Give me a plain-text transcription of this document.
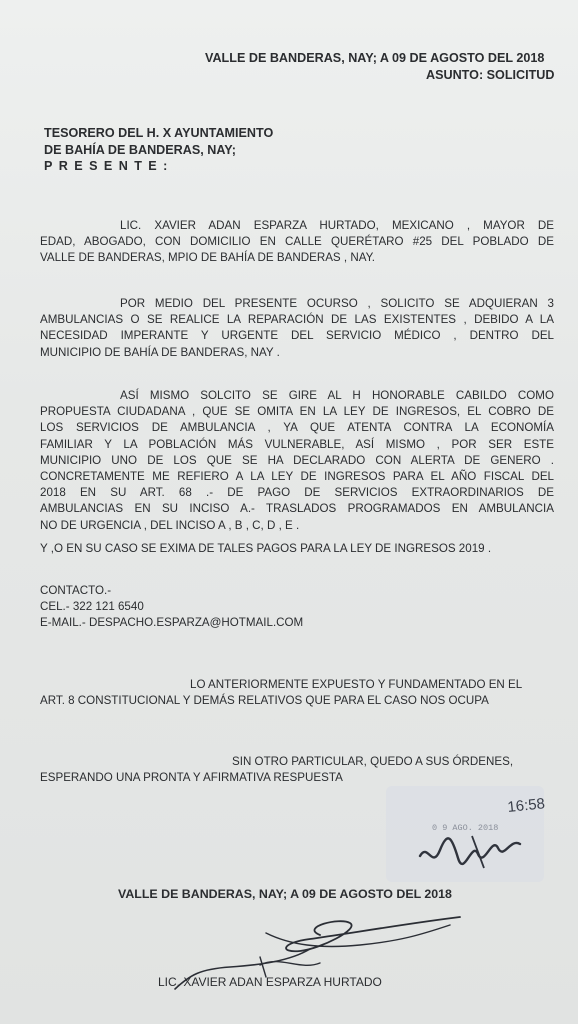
VALLE DE BANDERAS, NAY; A 09 DE AGOSTO DEL 2018
ASUNTO: SOLICITUD
TESORERO DEL H. X AYUNTAMIENTO
DE BAHÍA DE BANDERAS, NAY;
PRESENTE:
LIC. XAVIER ADAN ESPARZA HURTADO, MEXICANO , MAYOR DE
EDAD, ABOGADO, CON DOMICILIO EN CALLE QUERÉTARO #25 DEL POBLADO DE
VALLE DE BANDERAS, MPIO DE BAHÍA DE BANDERAS , NAY.
POR MEDIO DEL PRESENTE OCURSO , SOLICITO SE ADQUIERAN 3
AMBULANCIAS O SE REALICE LA REPARACIÓN DE LAS EXISTENTES , DEBIDO A LA
NECESIDAD IMPERANTE Y URGENTE DEL SERVICIO MÉDICO , DENTRO DEL
MUNICIPIO DE BAHÍA DE BANDERAS, NAY .
ASÍ MISMO SOLCITO SE GIRE AL H HONORABLE CABILDO COMO
PROPUESTA CIUDADANA , QUE SE OMITA EN LA LEY DE INGRESOS, EL COBRO DE
LOS SERVICIOS DE AMBULANCIA , YA QUE ATENTA CONTRA LA ECONOMÍA
FAMILIAR Y LA POBLACIÓN MÁS VULNERABLE, ASÍ MISMO , POR SER ESTE
MUNICIPIO UNO DE LOS QUE SE HA DECLARADO CON ALERTA DE GENERO .
CONCRETAMENTE ME REFIERO A LA LEY DE INGRESOS PARA EL AÑO FISCAL DEL
2018 EN SU ART. 68 .- DE PAGO DE SERVICIOS EXTRAORDINARIOS DE
AMBULANCIAS EN SU INCISO A.- TRASLADOS PROGRAMADOS EN AMBULANCIA
NO DE URGENCIA , DEL INCISO A , B , C, D , E .
Y ,O EN SU CASO SE EXIMA DE TALES PAGOS PARA LA LEY DE INGRESOS 2019 .
CONTACTO.-
CEL.- 322 121 6540
E-MAIL.- DESPACHO.ESPARZA@HOTMAIL.COM
LO ANTERIORMENTE EXPUESTO Y FUNDAMENTADO EN EL
ART. 8 CONSTITUCIONAL Y DEMÁS RELATIVOS QUE PARA EL CASO NOS OCUPA
SIN OTRO PARTICULAR, QUEDO A SUS ÓRDENES,
ESPERANDO UNA PRONTA Y AFIRMATIVA RESPUESTA
16:58
0 9 AGO. 2018
VALLE DE BANDERAS, NAY; A 09 DE AGOSTO DEL 2018
LIC. XAVIER ADAN ESPARZA HURTADO
